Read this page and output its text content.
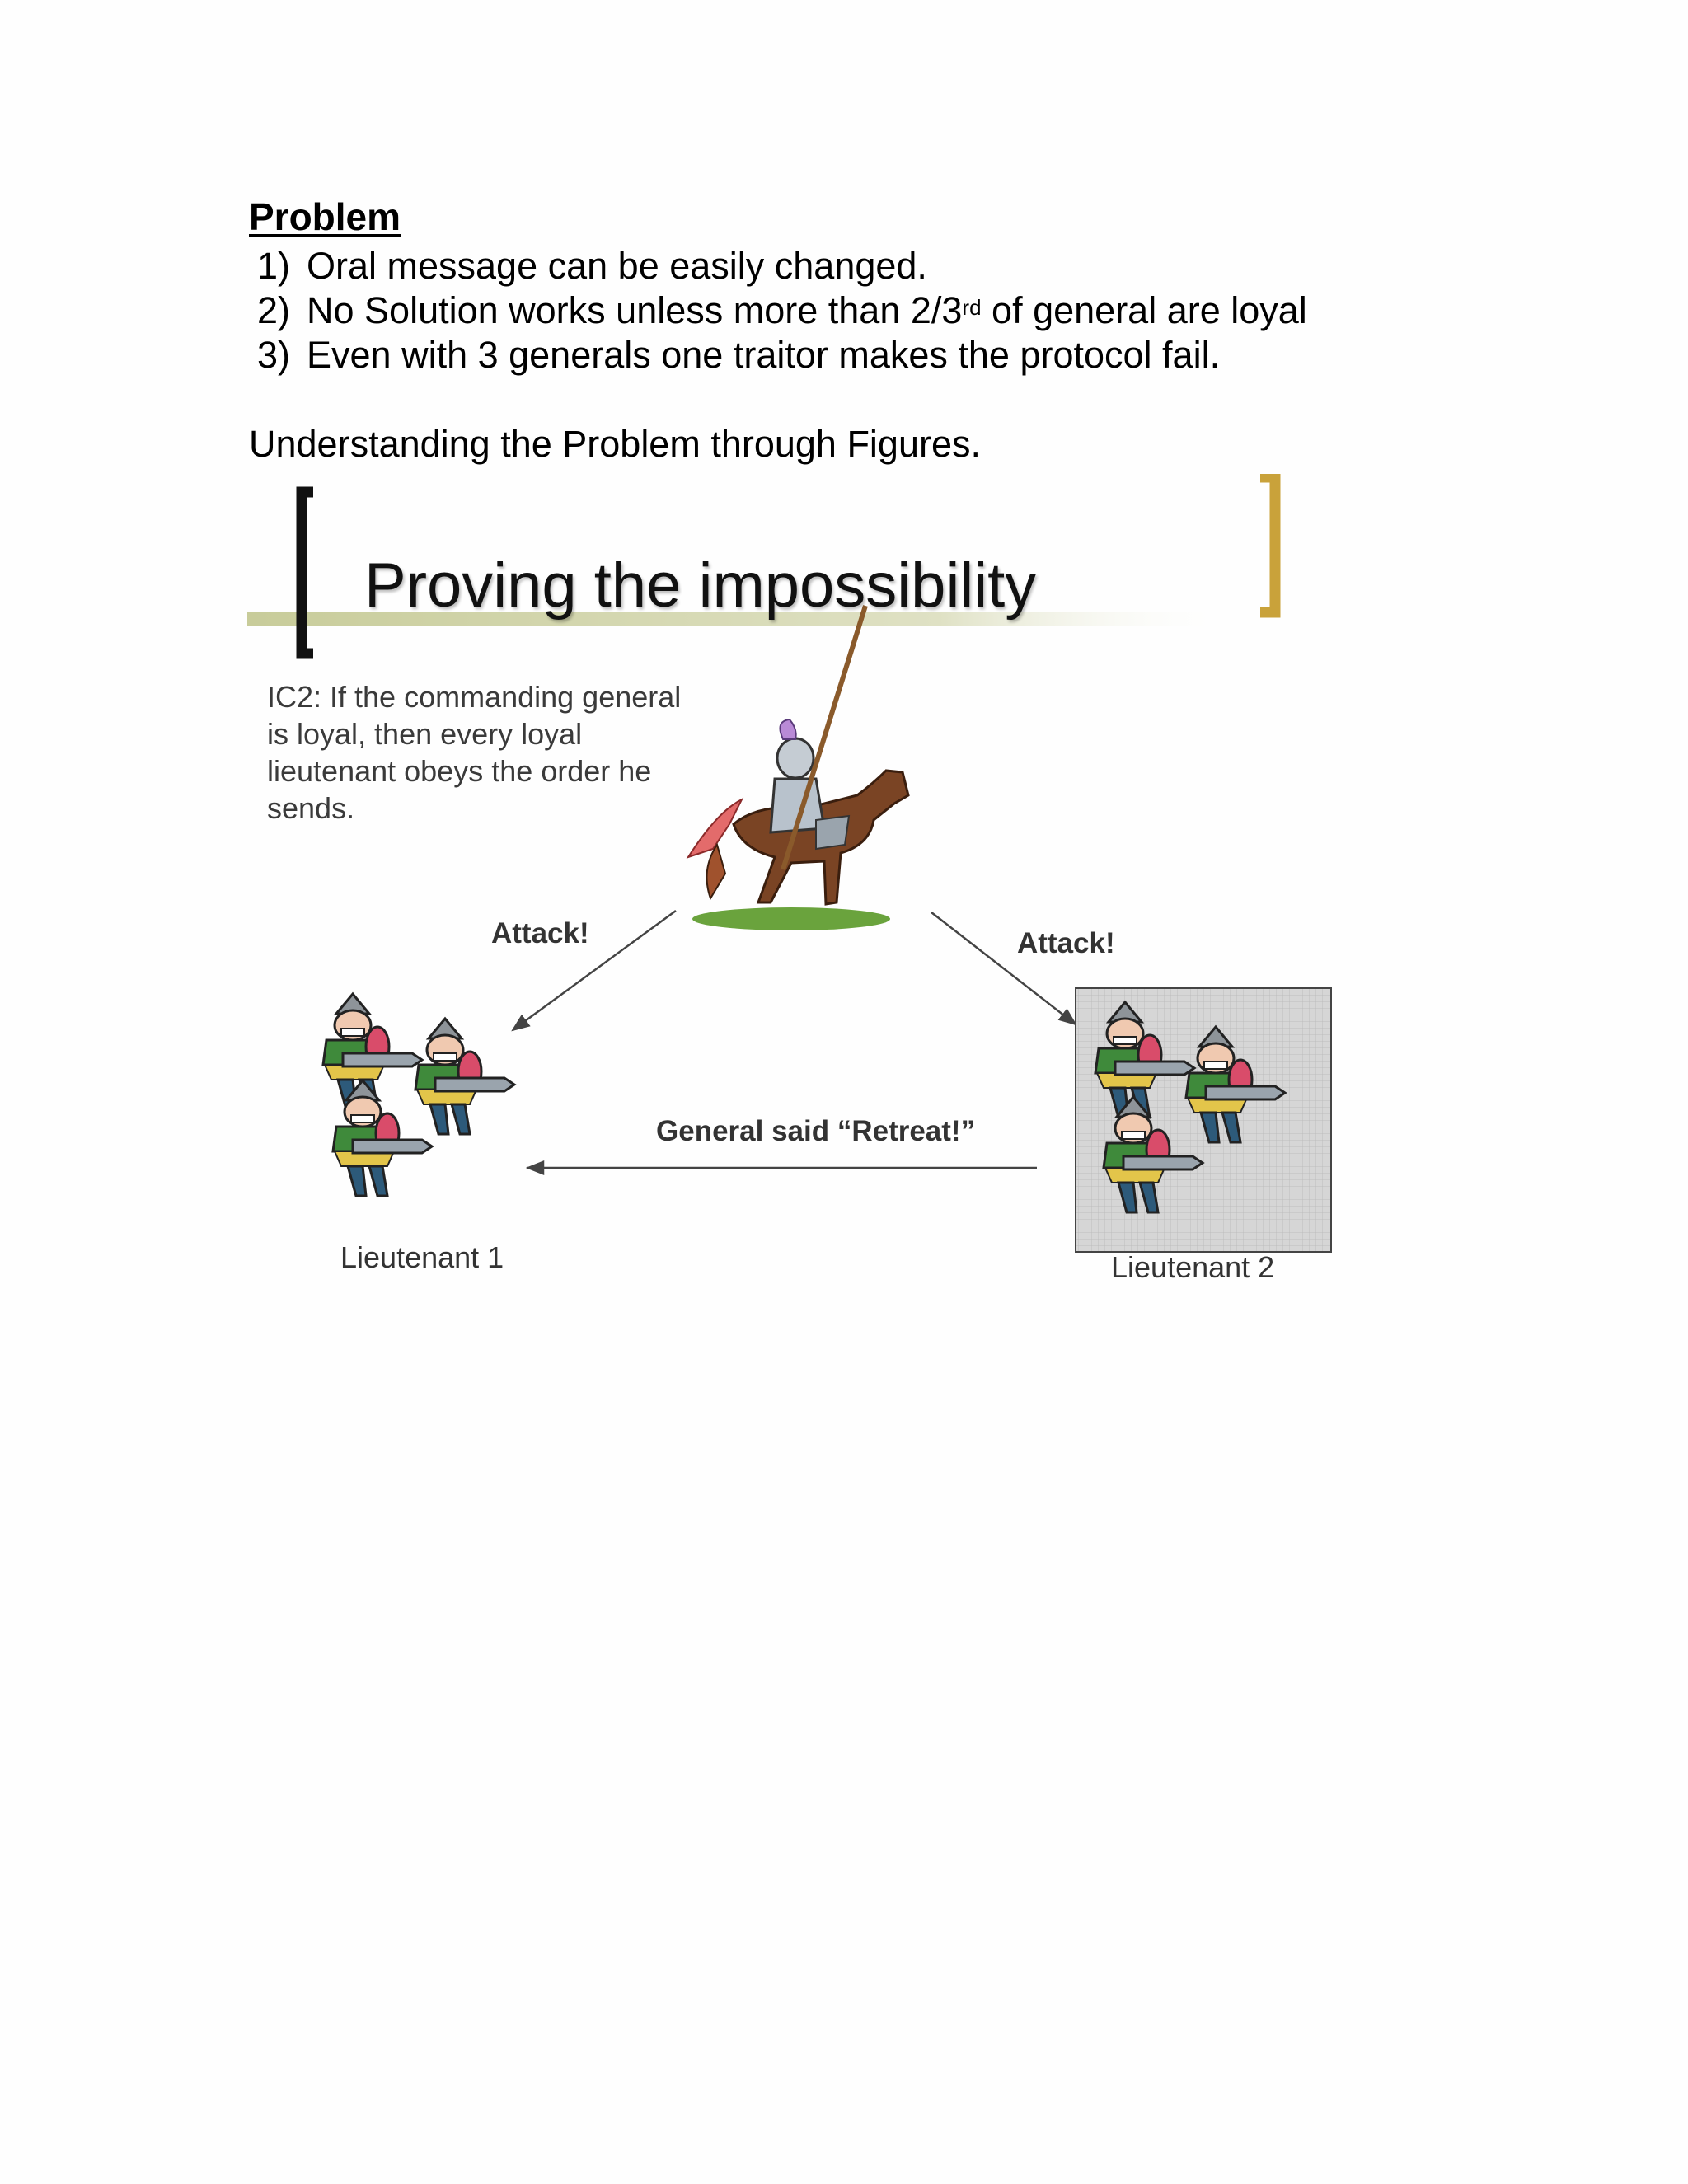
Problem
1) Oral message can be easily changed.
2) No Solution works unless more than 2/3rd of general are loyal
3) Even with 3 generals one traitor makes the protocol fail.
Understanding the Problem through Figures.
Proving the impossibility
IC2: If the commanding general is loyal, then every loyal lieutenant obeys the order he sends.
Attack!	Attack!
General said “Retreat!”
Lieutenant 1	Lieutenant 2
